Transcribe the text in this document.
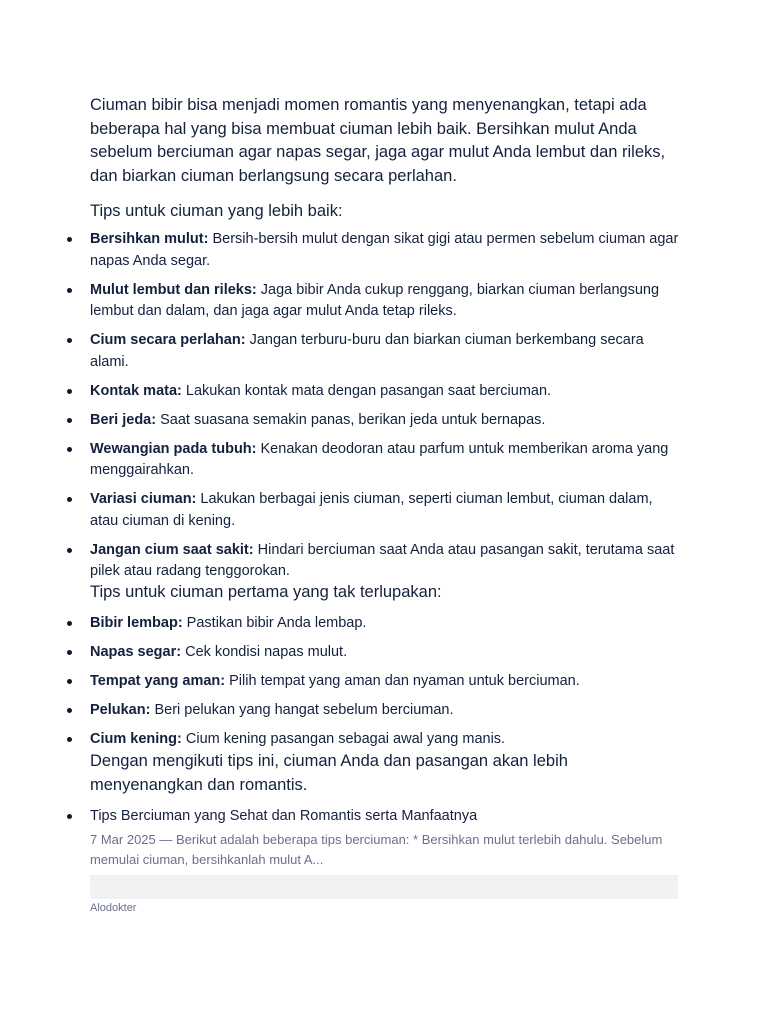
Ciuman bibir bisa menjadi momen romantis yang menyenangkan, tetapi ada beberapa hal yang bisa membuat ciuman lebih baik. Bersihkan mulut Anda sebelum berciuman agar napas segar, jaga agar mulut Anda lembut dan rileks, dan biarkan ciuman berlangsung secara perlahan.

Tips untuk ciuman yang lebih baik:

Bersihkan mulut: Bersih-bersih mulut dengan sikat gigi atau permen sebelum ciuman agar napas Anda segar.
Mulut lembut dan rileks: Jaga bibir Anda cukup renggang, biarkan ciuman berlangsung lembut dan dalam, dan jaga agar mulut Anda tetap rileks.
Cium secara perlahan: Jangan terburu-buru dan biarkan ciuman berkembang secara alami.
Kontak mata: Lakukan kontak mata dengan pasangan saat berciuman.
Beri jeda: Saat suasana semakin panas, berikan jeda untuk bernapas.
Wewangian pada tubuh: Kenakan deodoran atau parfum untuk memberikan aroma yang menggairahkan.
Variasi ciuman: Lakukan berbagai jenis ciuman, seperti ciuman lembut, ciuman dalam, atau ciuman di kening.
Jangan cium saat sakit: Hindari berciuman saat Anda atau pasangan sakit, terutama saat pilek atau radang tenggorokan.

Tips untuk ciuman pertama yang tak terlupakan:

Bibir lembap: Pastikan bibir Anda lembap.
Napas segar: Cek kondisi napas mulut.
Tempat yang aman: Pilih tempat yang aman dan nyaman untuk berciuman.
Pelukan: Beri pelukan yang hangat sebelum berciuman.
Cium kening: Cium kening pasangan sebagai awal yang manis.

Dengan mengikuti tips ini, ciuman Anda dan pasangan akan lebih menyenangkan dan romantis.

Tips Berciuman yang Sehat dan Romantis serta Manfaatnya
7 Mar 2025 — Berikut adalah beberapa tips berciuman: * Bersihkan mulut terlebih dahulu. Sebelum memulai ciuman, bersihkanlah mulut A...
Alodokter
